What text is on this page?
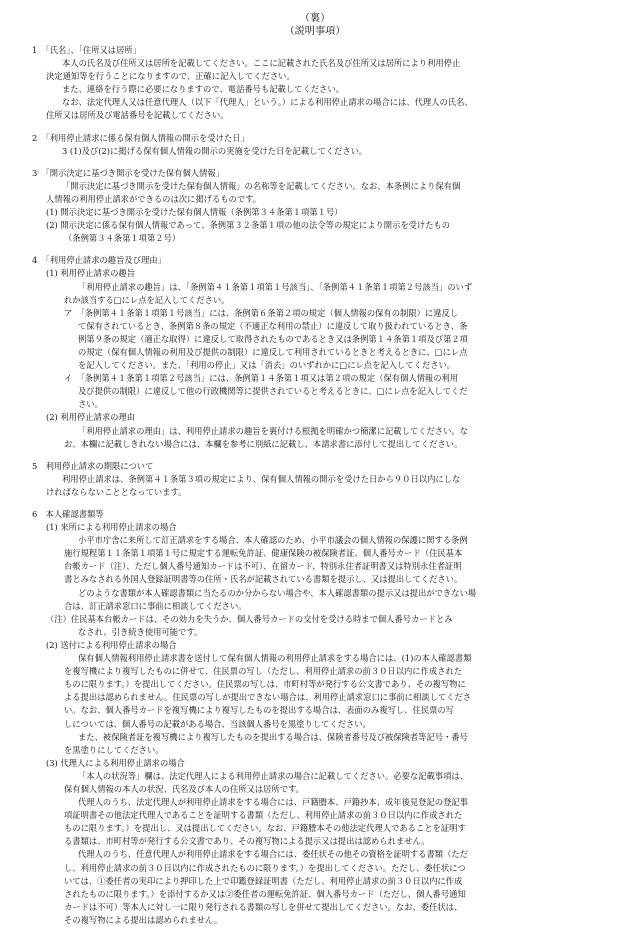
（裏）
（説明事項）
1　「氏名」、「住所又は居所」
本人の氏名及び住所又は居所を記載してください。ここに記載された氏名及び住所又は居所により利用停止
決定通知等を行うことになりますので、正確に記入してください。
また、連絡を行う際に必要になりますので、電話番号も記載してください。
なお、法定代理人又は任意代理人（以下「代理人」という。）による利用停止請求の場合には、代理人の氏名、
住所又は居所及び電話番号を記載してください。
2　「利用停止請求に係る保有個人情報の開示を受けた日」
3 (1)及び(2)に掲げる保有個人情報の開示の実施を受けた日を記載してください。
3　「開示決定に基づき開示を受けた保有個人情報」
「開示決定に基づき開示を受けた保有個人情報」の名称等を記載してください。なお、本条例により保有個
人情報の利用停止請求ができるのは次に掲げるものです。
(1) 開示決定に基づき開示を受けた保有個人情報（条例第３４条第１項第１号）
(2) 開示決定に係る保有個人情報であって、条例第３２条第１項の他の法令等の規定により開示を受けたもの
（条例第３４条第１項第２号）
4　「利用停止請求の趣旨及び理由」
(1) 利用停止請求の趣旨
「利用停止請求の趣旨」は、「条例第４１条第１項第１号該当」、「条例第４１条第１項第２号該当」のいず
れか該当する□にレ点を記入してください。
ア　「条例第４１条第１項第１号該当」には、条例第６条第２項の規定（個人情報の保有の制限）に違反し
て保有されているとき、条例第８条の規定（不適正な利用の禁止）に違反して取り扱われているとき、条
例第９条の規定（適正な取得）に違反して取得されたものであるとき又は条例第１４条第１項及び第２項
の規定（保有個人情報の利用及び提供の制限）に違反して利用されているときと考えるときに、□にレ点
を記入してください。また、「利用の停止」又は「消去」のいずれかに□にレ点を記入してください。
イ　「条例第４１条第１項第２号該当」には、条例第１４条第１項又は第２項の規定（保有個人情報の利用
及び提供の制限）に違反して他の行政機関等に提供されていると考えるときに、□にレ点を記入してくだ
さい。
(2) 利用停止請求の理由
「利用停止請求の理由」は、利用停止請求の趣旨を裏付ける根拠を明確かつ簡潔に記載してください。な
お、本欄に記載しきれない場合には、本欄を参考に別紙に記載し、本請求書に添付して提出してください。
5　利用停止請求の期限について
利用停止請求は、条例第４１条第３項の規定により、保有個人情報の開示を受けた日から９０日以内にしな
ければならないこととなっています。
6　本人確認書類等
(1) 来所による利用停止請求の場合
小平市庁舎に来所して訂正請求をする場合、本人確認のため、小平市議会の個人情報の保護に関する条例
施行規程第１１条第１項第１号に規定する運転免許証、健康保険の被保険者証、個人番号カード（住民基本
台帳カード（注）、ただし個人番号通知カードは不可）、在留カード、特別永住者証明書又は特別永住者証明
書とみなされる外国人登録証明書等の住所・氏名が記載されている書類を提示し、又は提出してください。
どのような書類が本人確認書類に当たるのか分からない場合や、本人確認書類の提示又は提出ができない場
合は、訂正請求窓口に事前に相談してください。
（注）住民基本台帳カードは、その効力を失うか、個人番号カードの交付を受ける時まで個人番号カードとみ
なされ、引き続き使用可能です。
(2) 送付による利用停止請求の場合
保有個人情報利用停止請求書を送付して保有個人情報の利用停止請求をする場合には、(1)の本人確認書類
を複写機により複写したものに併せて、住民票の写し（ただし、利用停止請求の前３０日以内に作成された
ものに限ります。）を提出してください。住民票の写しは、市町村等が発行する公文書であり、その複写物に
よる提出は認められません。住民票の写しが提出できない場合は、利用停止請求窓口に事前に相談してくださ
い。なお、個人番号カードを複写機により複写したものを提出する場合は、表面のみ複写し、住民票の写
しについては、個人番号の記載がある場合、当該個人番号を黒塗りしてください。
また、被保険者証を複写機により複写したものを提出する場合は、保険者番号及び被保険者等記号・番号
を黒塗りにしてください。
(3) 代理人による利用停止請求の場合
「本人の状況等」欄は、法定代理人による利用停止請求の場合に記載してください。必要な記載事項は、
保有個人情報の本人の状況、氏名及び本人の住所又は居所です。
代理人のうち、法定代理人が利用停止請求をする場合には、戸籍謄本、戸籍抄本、成年後見登記の登記事
項証明書その他法定代理人であることを証明する書類（ただし、利用停止請求の前３０日以内に作成された
ものに限ります。）を提出し、又は提出してください。なお、戸籍謄本その他法定代理人であることを証明す
る書類は、市町村等が発行する公文書であり、その複写物による提示又は提出は認められません。
代理人のうち、任意代理人が利用停止請求をする場合には、委任状その他その資格を証明する書類（ただ
し、利用停止請求の前３０日以内に作成されたものに限ります。）を提出してください。ただし、委任状につ
いては、①委任者の実印により押印した上で印鑑登録証明書（ただし、利用停止請求の前３０日以内に作成
されたものに限ります。）を添付するか又は②委任者の運転免許証、個人番号カード（ただし、個人番号通知
カードは不可）等本人に対し一に限り発行される書類の写しを併せて提出してください。なお、委任状は、
その複写物による提出は認められません。
